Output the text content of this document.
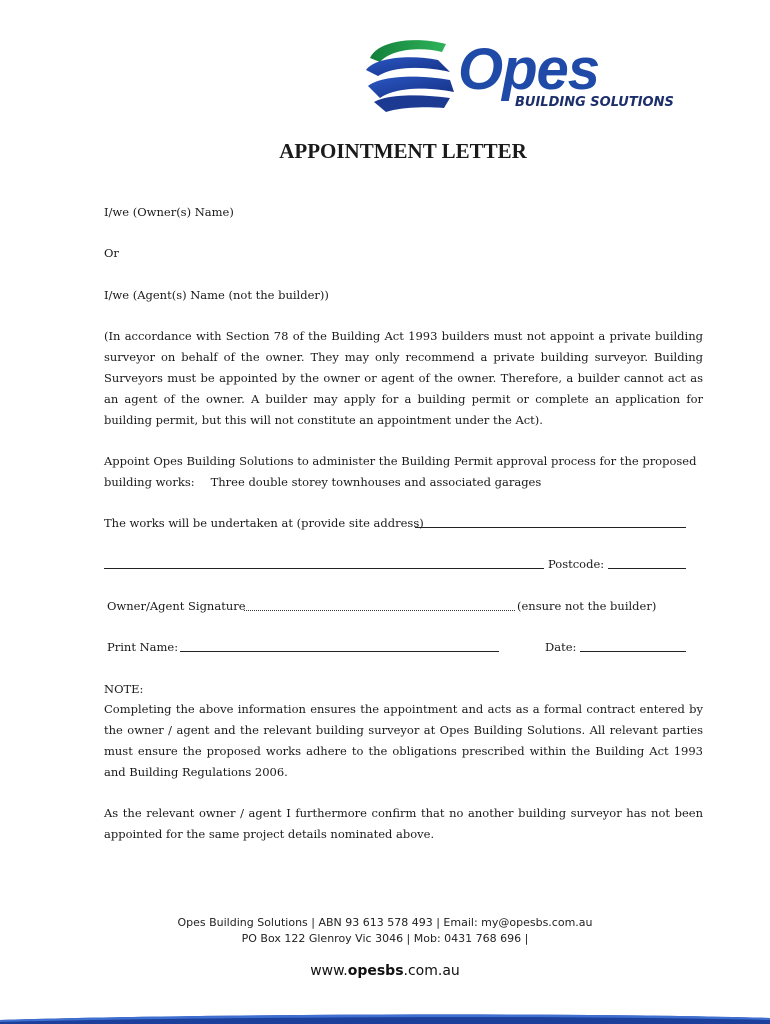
Opes
BUILDING SOLUTIONS
APPOINTMENT LETTER
I/we (Owner(s) Name)
Or
I/we (Agent(s) Name (not the builder))
(In accordance with Section 78 of the Building Act 1993 builders must not appoint a private building surveyor on behalf of the owner. They may only recommend a private building surveyor. Building Surveyors must be appointed by the owner or agent of the owner. Therefore, a builder cannot act as an agent of the owner. A builder may apply for a building permit or complete an application for building permit, but this will not constitute an appointment under the Act).
Appoint Opes Building Solutions to administer the Building Permit approval process for the proposed
building works: Three double storey townhouses and associated garages
The works will be undertaken at (provide site address)
Postcode:
Owner/Agent Signature	(ensure not the builder)
Print Name:	Date:
NOTE:
Completing the above information ensures the appointment and acts as a formal contract entered by the owner / agent and the relevant building surveyor at Opes Building Solutions. All relevant parties must ensure the proposed works adhere to the obligations prescribed within the Building Act 1993 and Building Regulations 2006.
As the relevant owner / agent I furthermore confirm that no another building surveyor has not been appointed for the same project details nominated above.
Opes Building Solutions | ABN 93 613 578 493 | Email: my@opesbs.com.au
PO Box 122 Glenroy Vic 3046 | Mob: 0431 768 696 |
www.opesbs.com.au
